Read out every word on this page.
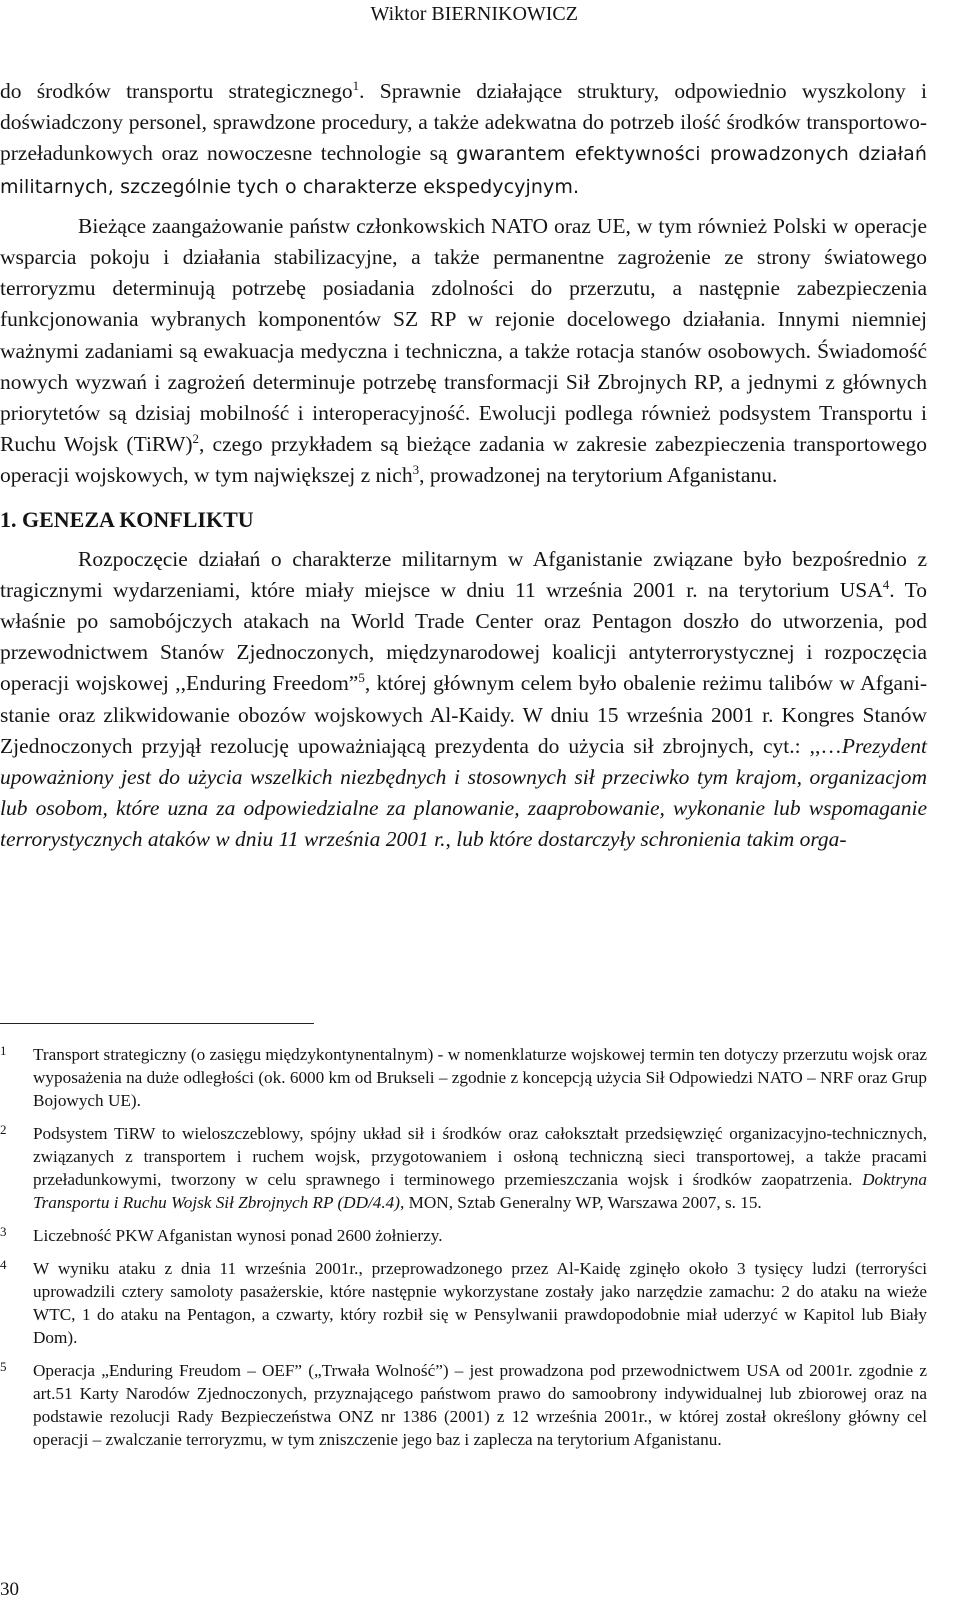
Wiktor BIERNIKOWICZ

do środków transportu strategicznego$^1$. Sprawnie działające struktury, odpowiednio wyszkolony i doświadczony personel, sprawdzone procedury, a także adekwatna do potrzeb ilość środków transportowo-przeładunkowych oraz nowoczesne technologie są gwarantem efektywności prowadzonych działań militarnych, szczególnie tych o charakterze ekspedycyjnym.

Bieżące zaangażowanie państw członkowskich NATO oraz UE, w tym również Polski w operacje wsparcia pokoju i działania stabilizacyjne, a także permanentne zagrożenie ze strony światowego terroryzmu determinują potrzebę posiadania zdolności do przerzutu, a następnie zabezpieczenia funkcjonowania wybranych komponentów SZ RP w rejonie docelowego działania. Innymi niemniej ważnymi zadaniami są ewakuacja medyczna i techniczna, a także rotacja stanów osobowych. Świadomość nowych wyzwań i zagrożeń determinuje potrzebę transformacji Sił Zbrojnych RP, a jednymi z głównych priorytetów są dzisiaj mobilność i interoperacyjność. Ewolucji podlega również podsystem Transportu i Ruchu Wojsk (TiRW)$^2$, czego przykładem są bieżące zadania w zakresie zabezpieczenia transportowego operacji wojskowych, w tym największej z nich$^3$, prowadzonej na terytorium Afganistanu.

1. GENEZA KONFLIKTU

Rozpoczęcie działań o charakterze militarnym w Afganistanie związane było bezpośrednio z tragicznymi wydarzeniami, które miały miejsce w dniu 11 września 2001 r. na terytorium USA$^4$. To właśnie po samobójczych atakach na World Trade Center oraz Pentagon doszło do utworzenia, pod przewodnictwem Stanów Zjednoczonych, międzynarodowej koalicji antyterrorystycznej i rozpoczęcia operacji wojskowej ,,Enduring Freedom”$^5$, której głównym celem było obalenie reżimu talibów w Afganistanie oraz zlikwidowanie obozów wojskowych Al-Kaidy. W dniu 15 września 2001 r. Kongres Stanów Zjednoczonych przyjął rezolucję upoważniającą prezydenta do użycia sił zbrojnych, cyt.: ,,…Prezydent upoważniony jest do użycia wszelkich niezbędnych i stosownych sił przeciwko tym krajom, organizacjom lub osobom, które uzna za odpowiedzialne za planowanie, zaaprobowanie, wykonanie lub wspomaganie terrorystycznych ataków w dniu 11 września 2001 r., lub które dostarczyły schronienia takim orga-

1 Transport strategiczny (o zasięgu międzykontynentalnym) - w nomenklaturze wojskowej termin ten dotyczy przerzutu wojsk oraz wyposażenia na duże odległości (ok. 6000 km od Brukseli – zgodnie z koncepcją użycia Sił Odpowiedzi NATO – NRF oraz Grup Bojowych UE).
2 Podsystem TiRW to wieloszczeblowy, spójny układ sił i środków oraz całokształt przedsięwzięć organizacyjno-technicznych, związanych z transportem i ruchem wojsk, przygotowaniem i osłoną techniczną sieci transportowej, a także pracami przeładunkowymi, tworzony w celu sprawnego i terminowego przemieszczania wojsk i środków zaopatrzenia. Doktryna Transportu i Ruchu Wojsk Sił Zbrojnych RP (DD/4.4), MON, Sztab Generalny WP, Warszawa 2007, s. 15.
3 Liczebność PKW Afganistan wynosi ponad 2600 żołnierzy.
4 W wyniku ataku z dnia 11 września 2001r., przeprowadzonego przez Al-Kaidę zginęło około 3 tysięcy ludzi (terroryści uprowadzili cztery samoloty pasażerskie, które następnie wykorzystane zostały jako narzędzie zamachu: 2 do ataku na wieże WTC, 1 do ataku na Pentagon, a czwarty, który rozbił się w Pensylwanii prawdopodobnie miał uderzyć w Kapitol lub Biały Dom).
5 Operacja „Enduring Freudom – OEF” („Trwała Wolność”) – jest prowadzona pod przewodnictwem USA od 2001r. zgodnie z art.51 Karty Narodów Zjednoczonych, przyznającego państwom prawo do samoobrony indywidualnej lub zbiorowej oraz na podstawie rezolucji Rady Bezpieczeństwa ONZ nr 1386 (2001) z 12 września 2001r., w której został określony główny cel operacji – zwalczanie terroryzmu, w tym zniszczenie jego baz i zaplecza na terytorium Afganistanu.
30
